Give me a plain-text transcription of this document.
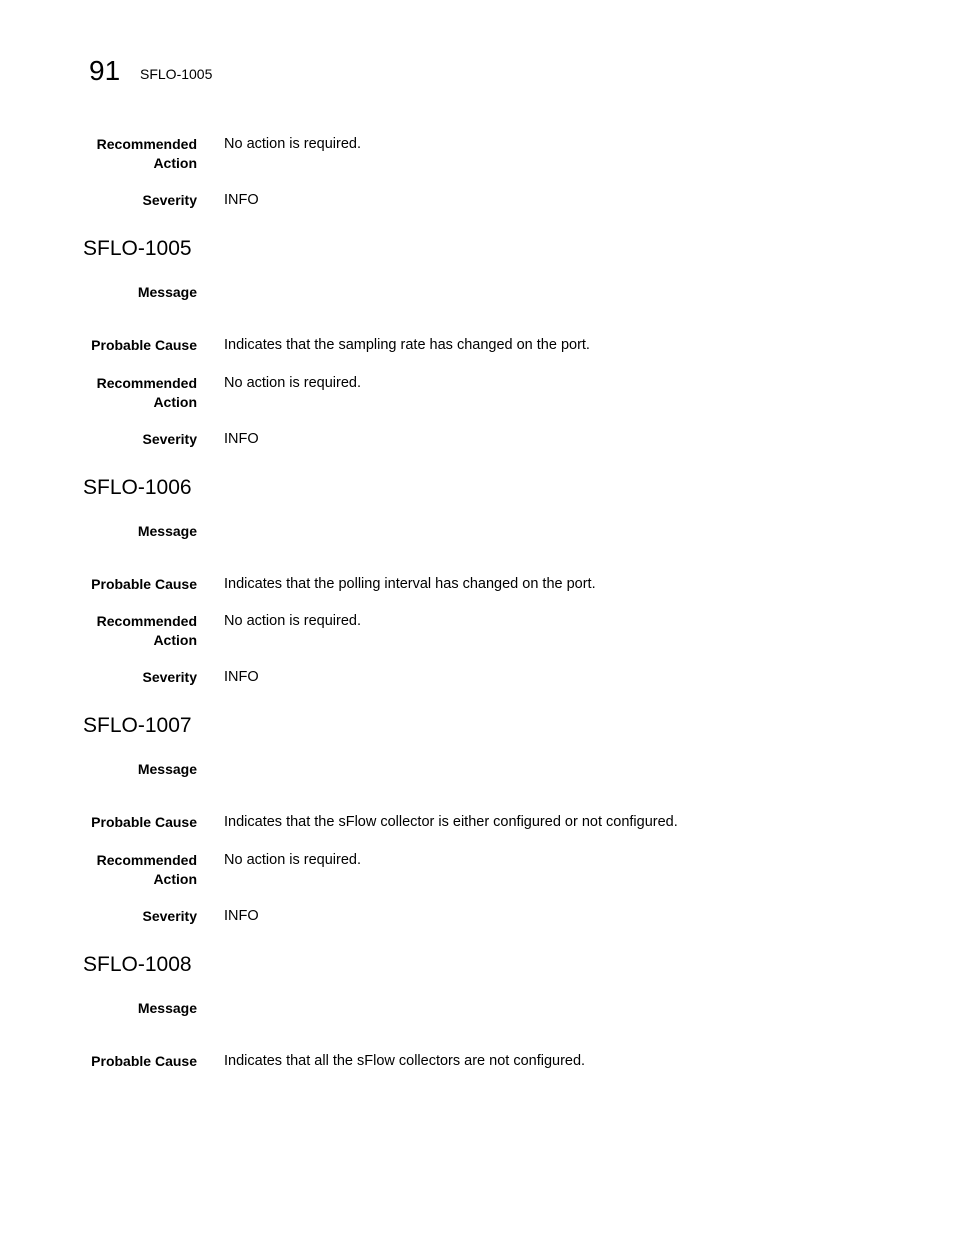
91 SFLO-1005
Recommended Action
No action is required.
Severity INFO
SFLO-1005
Message
Probable Cause Indicates that the sampling rate has changed on the port.
Recommended Action
No action is required.
Severity INFO
SFLO-1006
Message
Probable Cause Indicates that the polling interval has changed on the port.
Recommended Action
No action is required.
Severity INFO
SFLO-1007
Message
Probable Cause Indicates that the sFlow collector is either configured or not configured.
Recommended Action
No action is required.
Severity INFO
SFLO-1008
Message
Probable Cause Indicates that all the sFlow collectors are not configured.
